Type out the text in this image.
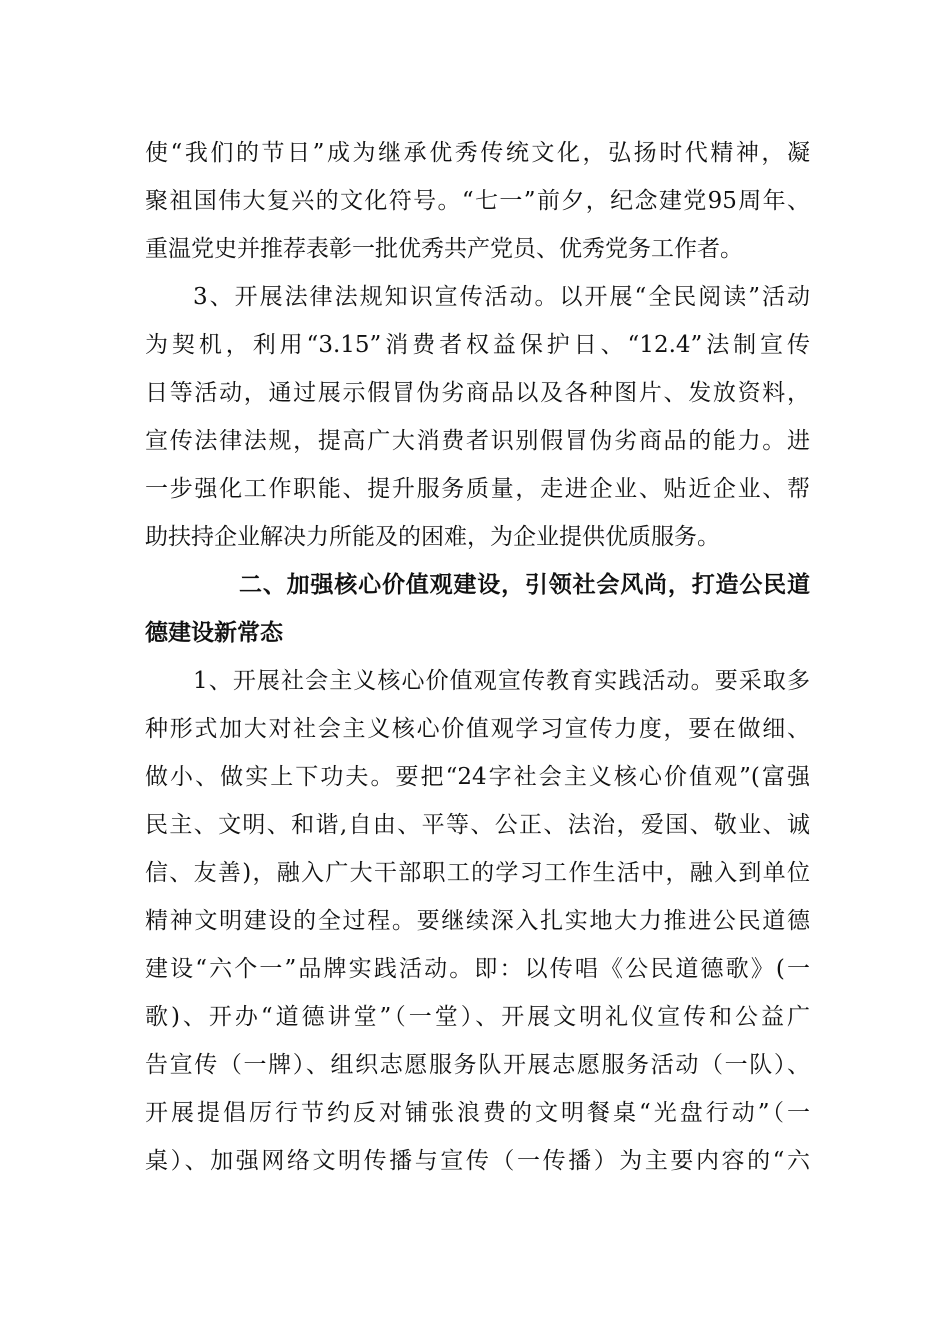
使“我们的节日”成为继承优秀传统文化，弘扬时代精神，凝
聚祖国伟大复兴的文化符号。“七一”前夕，纪念建党95周年、
重温党史并推荐表彰一批优秀共产党员、优秀党务工作者。
3、开展法律法规知识宣传活动。以开展“全民阅读”活动
为契机，利用“3.15”消费者权益保护日、“12.4”法制宣传
日等活动，通过展示假冒伪劣商品以及各种图片、发放资料，
宣传法律法规，提高广大消费者识别假冒伪劣商品的能力。进
一步强化工作职能、提升服务质量，走进企业、贴近企业、帮
助扶持企业解决力所能及的困难，为企业提供优质服务。
二、加强核心价值观建设，引领社会风尚，打造公民道
德建设新常态
1、开展社会主义核心价值观宣传教育实践活动。要采取多
种形式加大对社会主义核心价值观学习宣传力度，要在做细、
做小、做实上下功夫。要把“24字社会主义核心价值观”(富强
民主、文明、和谐,自由、平等、公正、法治，爱国、敬业、诚
信、友善)，融入广大干部职工的学习工作生活中，融入到单位
精神文明建设的全过程。要继续深入扎实地大力推进公民道德
建设“六个一”品牌实践活动。即：以传唱《公民道德歌》(一
歌)、开办“道德讲堂”（一堂）、开展文明礼仪宣传和公益广
告宣传（一牌）、组织志愿服务队开展志愿服务活动（一队）、
开展提倡厉行节约反对铺张浪费的文明餐桌“光盘行动”（一
桌）、加强网络文明传播与宣传（一传播）为主要内容的“六
